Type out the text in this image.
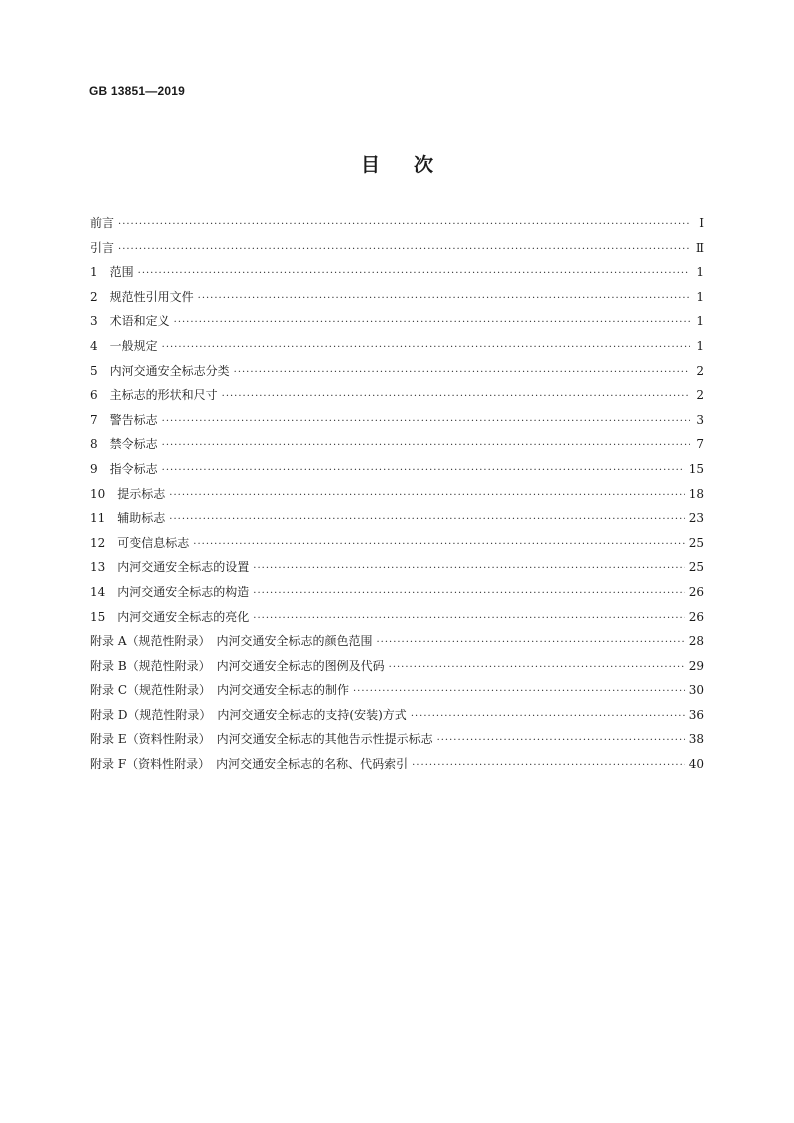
GB 13851—2019
目次
前言 ·····	Ⅰ
引言 ·····	Ⅱ
1　范围 ·····	1
2　规范性引用文件 ·····	1
3　术语和定义 ·····	1
4　一般规定 ·····	1
5　内河交通安全标志分类 ·····	2
6　主标志的形状和尺寸 ·····	2
7　警告标志 ·····	3
8　禁令标志 ·····	7
9　指令标志 ·····	15
10　提示标志 ·····	18
11　辅助标志 ·····	23
12　可变信息标志 ·····	25
13　内河交通安全标志的设置 ·····	25
14　内河交通安全标志的构造 ·····	26
15　内河交通安全标志的亮化 ·····	26
附录 A（规范性附录）　内河交通安全标志的颜色范围 ·····	28
附录 B（规范性附录）　内河交通安全标志的图例及代码 ·····	29
附录 C（规范性附录）　内河交通安全标志的制作 ·····	30
附录 D（规范性附录）　内河交通安全标志的支持(安装)方式 ·····	36
附录 E（资料性附录）　内河交通安全标志的其他告示性提示标志 ·····	38
附录 F（资料性附录）　内河交通安全标志的名称、代码索引 ·····	40
